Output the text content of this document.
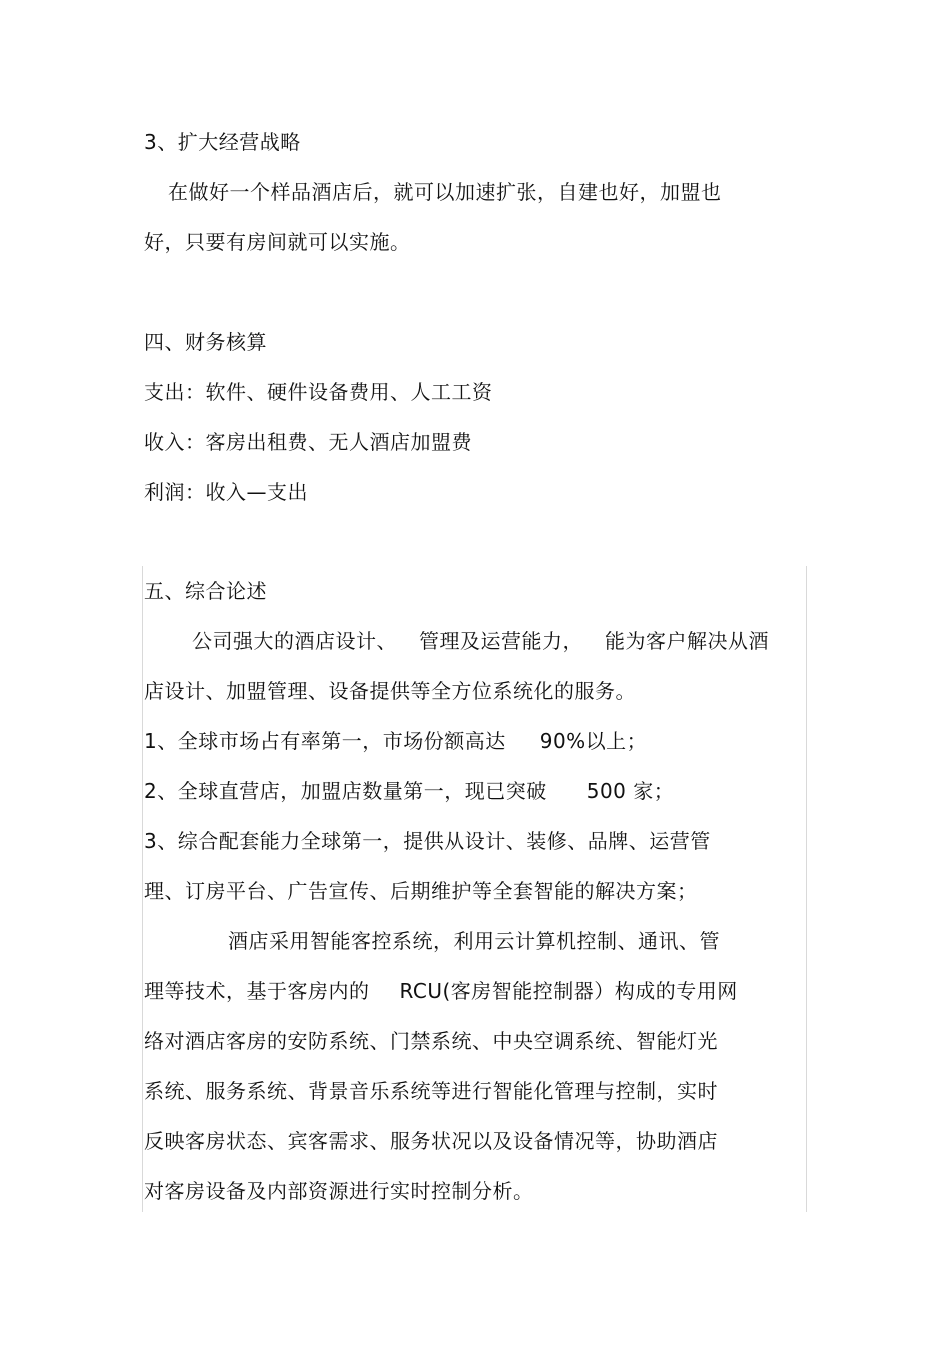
3、扩大经营战略
在做好一个样品酒店后，就可以加速扩张，自建也好，加盟也
好，只要有房间就可以实施。
四、财务核算
支出：软件、硬件设备费用、人工工资
收入：客房出租费、无人酒店加盟费
利润：收入—支出
五、综合论述
公司强大的酒店设计、 管理及运营能力， 能为客户解决从酒
店设计、加盟管理、设备提供等全方位系统化的服务。
1、全球市场占有率第一，市场份额高达 90%以上；
2、全球直营店，加盟店数量第一，现已突破 500 家；
3、综合配套能力全球第一，提供从设计、装修、品牌、运营管
理、订房平台、广告宣传、后期维护等全套智能的解决方案；
酒店采用智能客控系统，利用云计算机控制、通讯、管
理等技术，基于客房内的 RCU(客房智能控制器）构成的专用网
络对酒店客房的安防系统、门禁系统、中央空调系统、智能灯光
系统、服务系统、背景音乐系统等进行智能化管理与控制，实时
反映客房状态、宾客需求、服务状况以及设备情况等，协助酒店
对客房设备及内部资源进行实时控制分析。
